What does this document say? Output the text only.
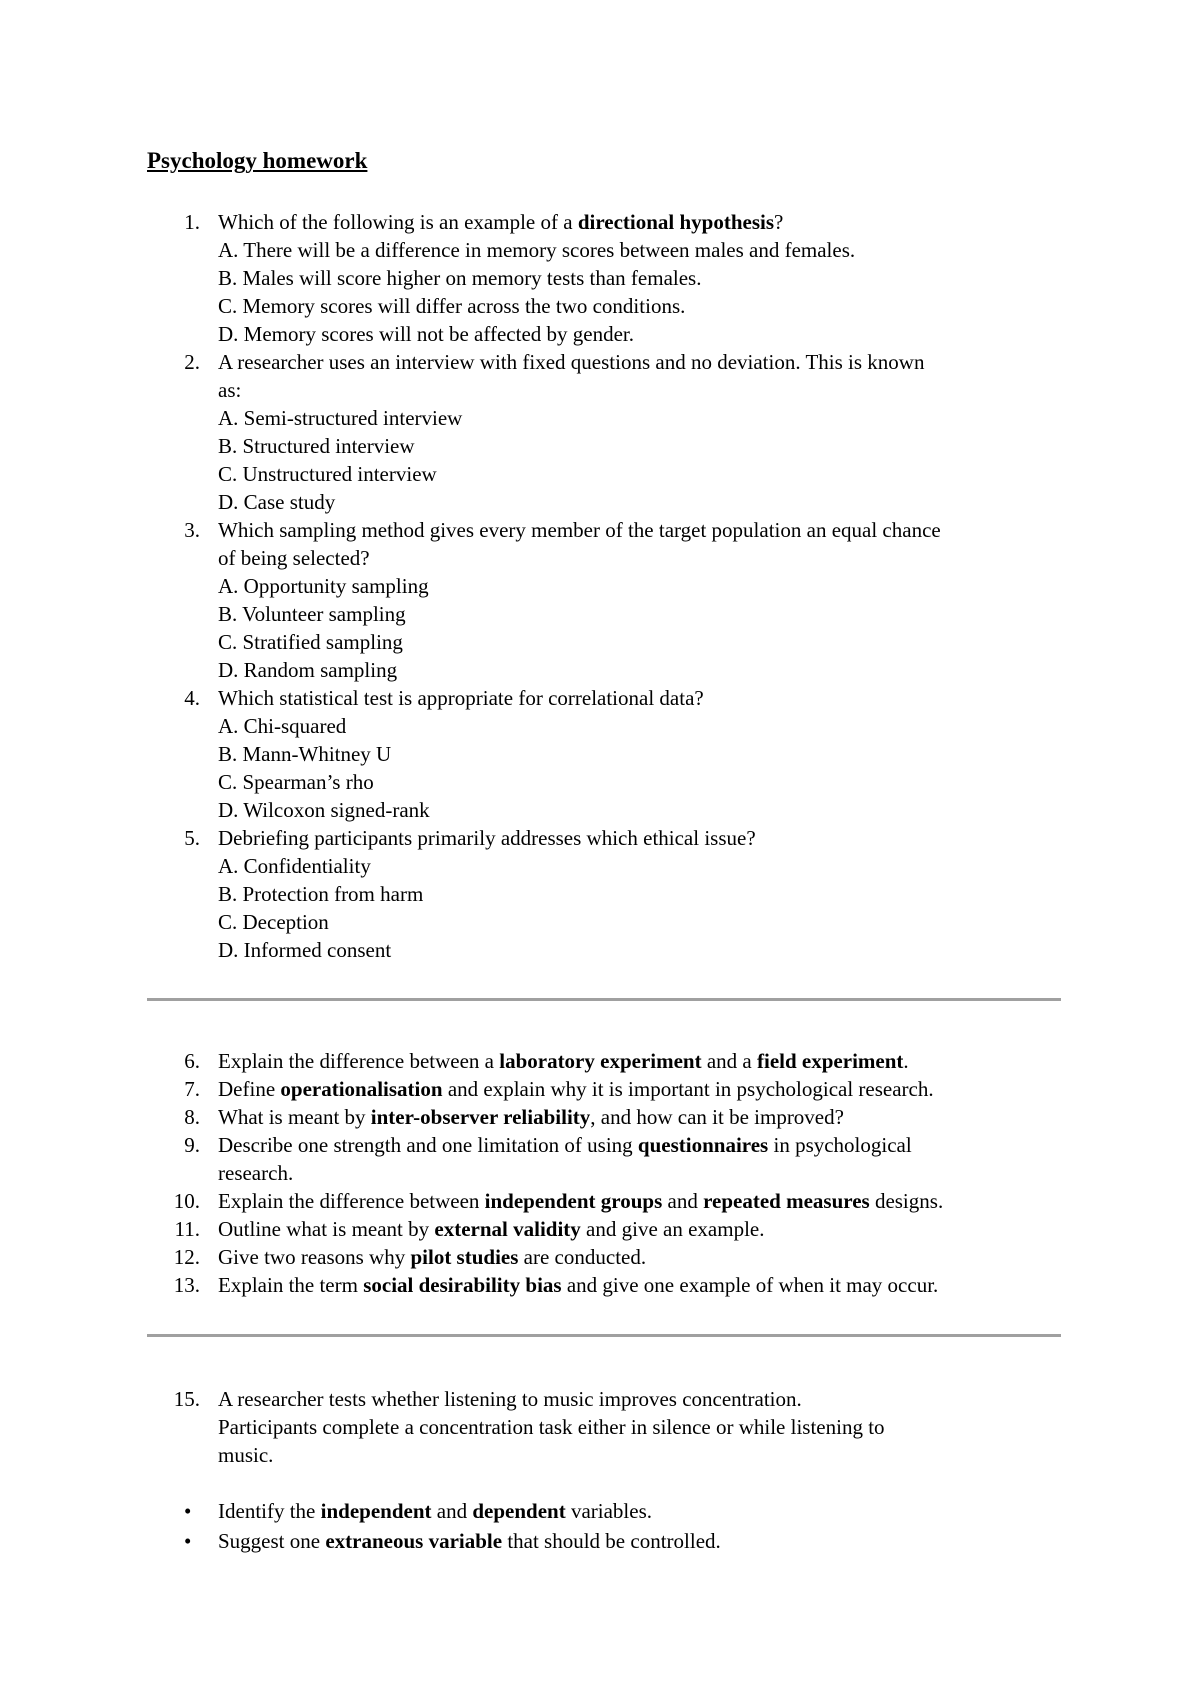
Psychology homework
1. Which of the following is an example of a directional hypothesis?
A. There will be a difference in memory scores between males and females.
B. Males will score higher on memory tests than females.
C. Memory scores will differ across the two conditions.
D. Memory scores will not be affected by gender.
2. A researcher uses an interview with fixed questions and no deviation. This is known
as:
A. Semi-structured interview
B. Structured interview
C. Unstructured interview
D. Case study
3. Which sampling method gives every member of the target population an equal chance
of being selected?
A. Opportunity sampling
B. Volunteer sampling
C. Stratified sampling
D. Random sampling
4. Which statistical test is appropriate for correlational data?
A. Chi-squared
B. Mann-Whitney U
C. Spearman’s rho
D. Wilcoxon signed-rank
5. Debriefing participants primarily addresses which ethical issue?
A. Confidentiality
B. Protection from harm
C. Deception
D. Informed consent
6. Explain the difference between a laboratory experiment and a field experiment.
7. Define operationalisation and explain why it is important in psychological research.
8. What is meant by inter-observer reliability, and how can it be improved?
9. Describe one strength and one limitation of using questionnaires in psychological
research.
10. Explain the difference between independent groups and repeated measures designs.
11. Outline what is meant by external validity and give an example.
12. Give two reasons why pilot studies are conducted.
13. Explain the term social desirability bias and give one example of when it may occur.
15. A researcher tests whether listening to music improves concentration.
Participants complete a concentration task either in silence or while listening to
music.
• Identify the independent and dependent variables.
• Suggest one extraneous variable that should be controlled.
